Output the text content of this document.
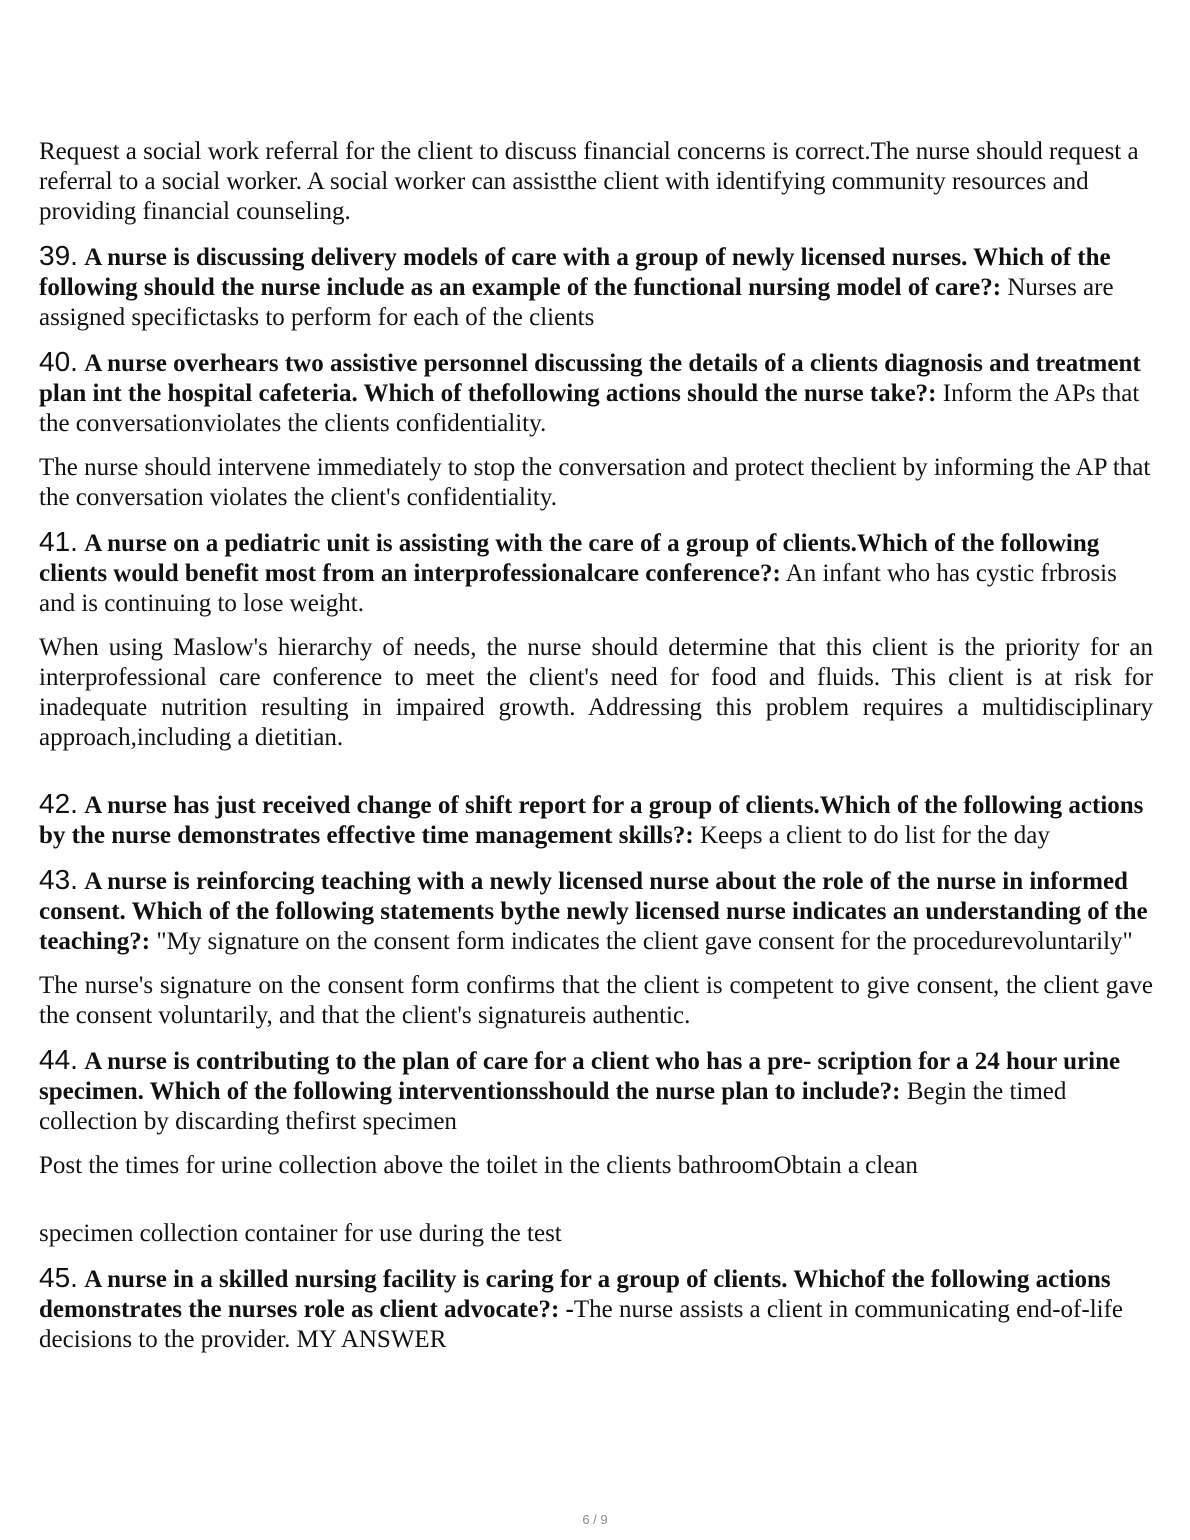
Request a social work referral for the client to discuss financial concerns is correct.The nurse should request a referral to a social worker. A social worker can assistthe client with identifying community resources and providing financial counseling.

39. A nurse is discussing delivery models of care with a group of newly licensed nurses. Which of the following should the nurse include as an example of the functional nursing model of care?: Nurses are assigned specifictasks to perform for each of the clients
40. A nurse overhears two assistive personnel discussing the details of a clients diagnosis and treatment plan int the hospital cafeteria. Which of thefollowing actions should the nurse take?: Inform the APs that the conversationviolates the clients confidentiality.

The nurse should intervene immediately to stop the conversation and protect theclient by informing the AP that the conversation violates the client's confidentiality.

41. A nurse on a pediatric unit is assisting with the care of a group of clients.Which of the following clients would benefit most from an interprofessionalcare conference?: An infant who has cystic frbrosis and is continuing to lose weight.

When using Maslow's hierarchy of needs, the nurse should determine that this client is the priority for an interprofessional care conference to meet the client's need for food and fluids. This client is at risk for inadequate nutrition resulting in impaired growth. Addressing this problem requires a multidisciplinary approach,including a dietitian.

42. A nurse has just received change of shift report for a group of clients.Which of the following actions by the nurse demonstrates effective time management skills?: Keeps a client to do list for the day
43. A nurse is reinforcing teaching with a newly licensed nurse about the role of the nurse in informed consent. Which of the following statements bythe newly licensed nurse indicates an understanding of the teaching?: "My signature on the consent form indicates the client gave consent for the procedurevoluntarily"

The nurse's signature on the consent form confirms that the client is competent to give consent, the client gave the consent voluntarily, and that the client's signatureis authentic.

44. A nurse is contributing to the plan of care for a client who has a pre- scription for a 24 hour urine specimen. Which of the following interventionsshould the nurse plan to include?: Begin the timed collection by discarding thefirst specimen

Post the times for urine collection above the toilet in the clients bathroomObtain a clean

specimen collection container for use during the test

45. A nurse in a skilled nursing facility is caring for a group of clients. Whichof the following actions demonstrates the nurses role as client advocate?: -The nurse assists a client in communicating end-of-life decisions to the provider. MY ANSWER
6 / 9
